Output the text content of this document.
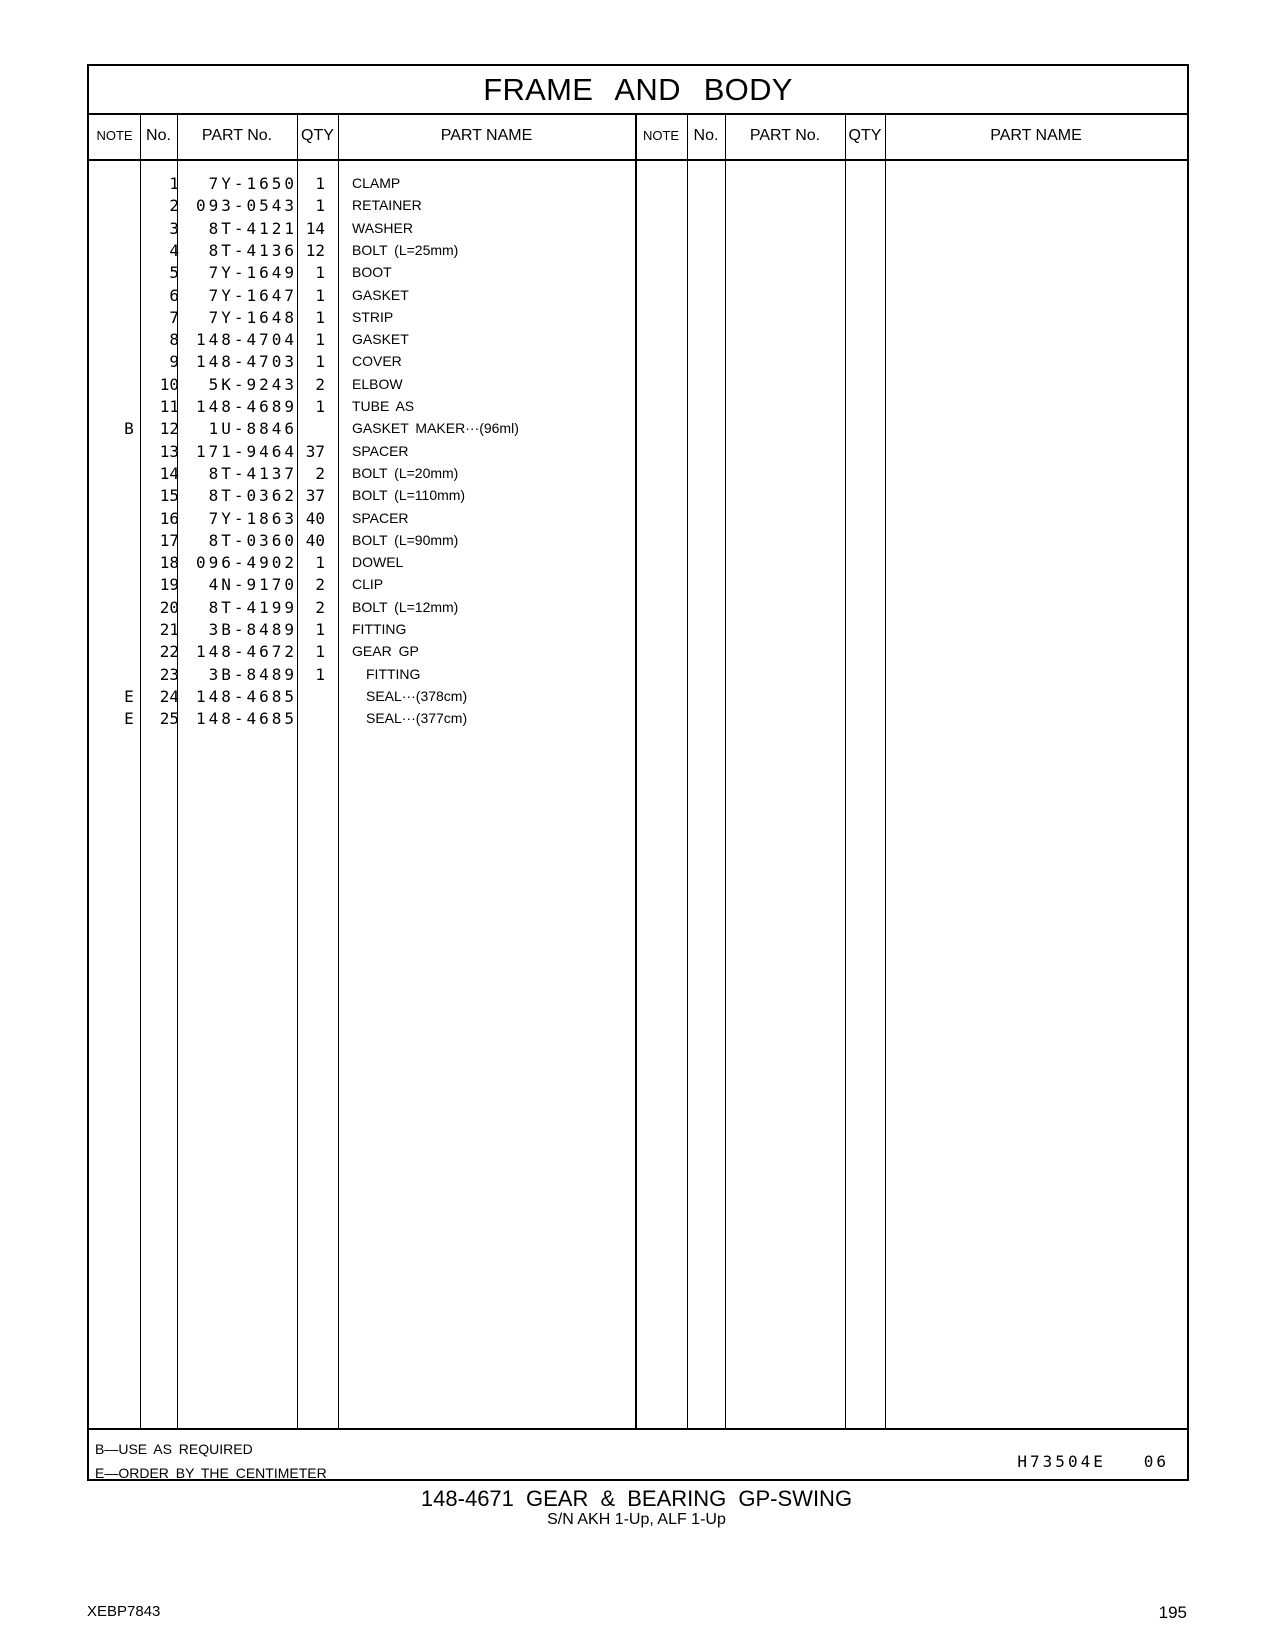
FRAME AND BODY
NOTE No.	PART No.	QTY	PART NAME	NOTE No.	PART No.	QTY	PART NAME
1	7Y-1650	1 CLAMP
2 093-0543	1 RETAINER
3	8T-4121 14 WASHER
4	8T-4136 12 BOLT (L=25mm)
5	7Y-1649	1 BOOT
6	7Y-1647	1 GASKET
7	7Y-1648	1 STRIP
8 148-4704	1 GASKET
9 148-4703	1 COVER
10	5K-9243	2 ELBOW
11 148-4689	1 TUBE AS
B	12	1U-8846	GASKET MAKER···(96ml)
13 171-9464 37 SPACER
14	8T-4137	2 BOLT (L=20mm)
15	8T-0362 37 BOLT (L=110mm)
16	7Y-1863 40 SPACER
17	8T-0360 40 BOLT (L=90mm)
18 096-4902	1 DOWEL
19	4N-9170	2 CLIP
20	8T-4199	2 BOLT (L=12mm)
21	3B-8489	1 FITTING
22 148-4672	1 GEAR GP
23	3B-8489	1	FITTING
E	24 148-4685	SEAL···(378cm)
E	25 148-4685	SEAL···(377cm)
B—USE AS REQUIRED
E—ORDER BY THE CENTIMETER
H73504E   06
148-4671 GEAR & BEARING GP-SWING
S/N AKH 1-Up, ALF 1-Up
XEBP7843	195
